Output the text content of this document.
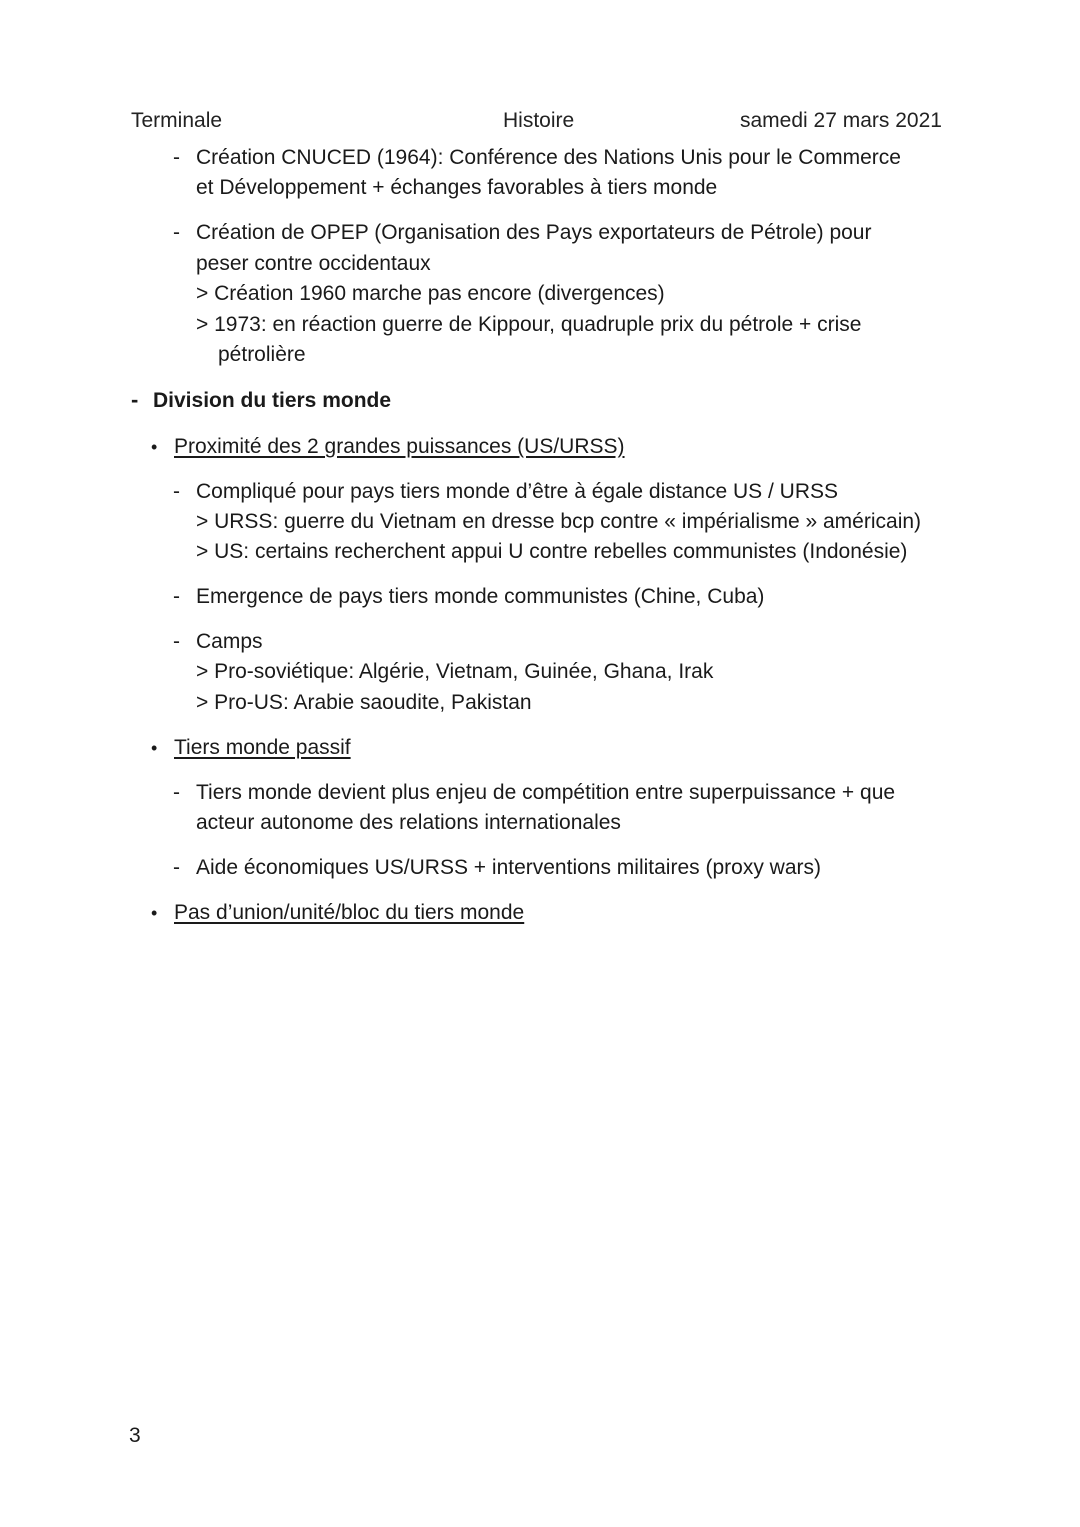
Terminale	Histoire	samedi 27 mars 2021
- Création CNUCED (1964): Conférence des Nations Unis pour le Commerce
et Développement + échanges favorables à tiers monde
- Création de OPEP (Organisation des Pays exportateurs de Pétrole) pour
peser contre occidentaux
> Création 1960 marche pas encore (divergences)
> 1973: en réaction guerre de Kippour, quadruple prix du pétrole + crise
pétrolière
- Division du tiers monde
• Proximité des 2 grandes puissances (US/URSS)
- Compliqué pour pays tiers monde d’être à égale distance US / URSS
> URSS: guerre du Vietnam en dresse bcp contre « impérialisme » américain)
> US: certains recherchent appui U contre rebelles communistes (Indonésie)
- Emergence de pays tiers monde communistes (Chine, Cuba)
- Camps
> Pro-soviétique: Algérie, Vietnam, Guinée, Ghana, Irak
> Pro-US: Arabie saoudite, Pakistan
• Tiers monde passif
- Tiers monde devient plus enjeu de compétition entre superpuissance + que
acteur autonome des relations internationales
- Aide économiques US/URSS + interventions militaires (proxy wars)
• Pas d’union/unité/bloc du tiers monde
3
